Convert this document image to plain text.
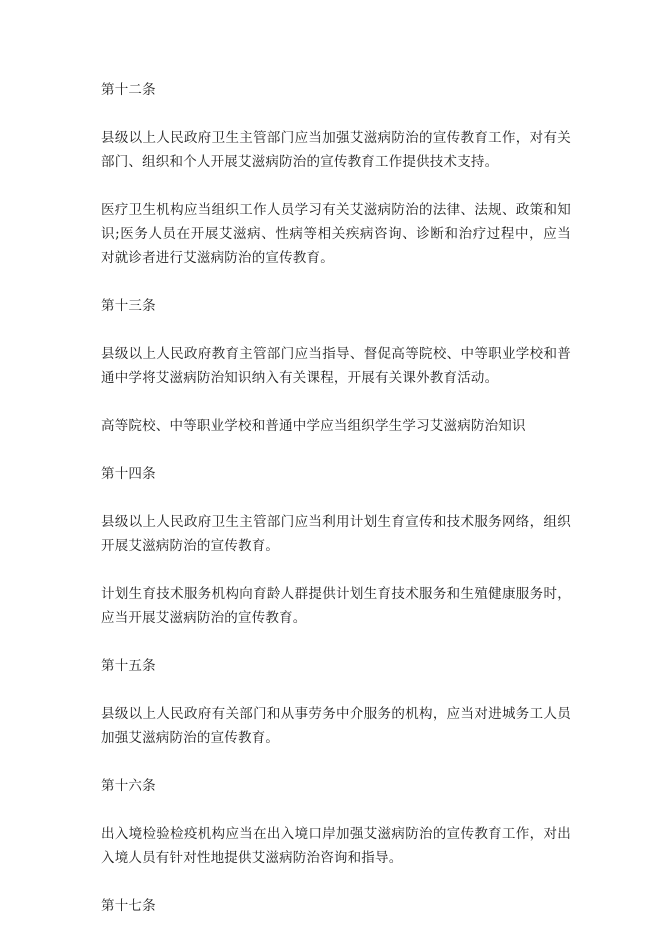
第十二条

县级以上人民政府卫生主管部门应当加强艾滋病防治的宣传教育工作，对有关部门、组织和个人开展艾滋病防治的宣传教育工作提供技术支持。

医疗卫生机构应当组织工作人员学习有关艾滋病防治的法律、法规、政策和知识;医务人员在开展艾滋病、性病等相关疾病咨询、诊断和治疗过程中，应当对就诊者进行艾滋病防治的宣传教育。

第十三条

县级以上人民政府教育主管部门应当指导、督促高等院校、中等职业学校和普通中学将艾滋病防治知识纳入有关课程，开展有关课外教育活动。

高等院校、中等职业学校和普通中学应当组织学生学习艾滋病防治知识

第十四条

县级以上人民政府卫生主管部门应当利用计划生育宣传和技术服务网络，组织开展艾滋病防治的宣传教育。

计划生育技术服务机构向育龄人群提供计划生育技术服务和生殖健康服务时，应当开展艾滋病防治的宣传教育。

第十五条

县级以上人民政府有关部门和从事劳务中介服务的机构，应当对进城务工人员加强艾滋病防治的宣传教育。

第十六条

出入境检验检疫机构应当在出入境口岸加强艾滋病防治的宣传教育工作，对出入境人员有针对性地提供艾滋病防治咨询和指导。

第十七条
